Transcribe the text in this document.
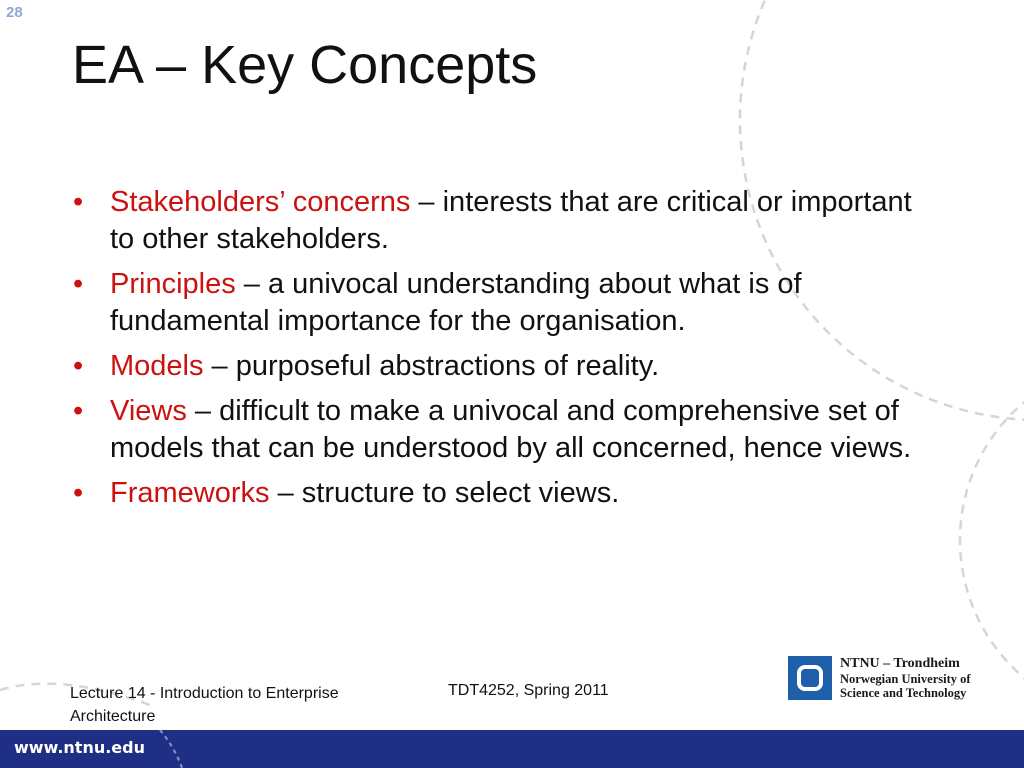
28
EA – Key Concepts
• Stakeholders’ concerns – interests that are critical or important to other stakeholders.
• Principles – a univocal understanding about what is of fundamental importance for the organisation.
• Models – purposeful abstractions of reality.
• Views – difficult to make a univocal and comprehensive set of models that can be understood by all concerned, hence views.
• Frameworks – structure to select views.
Lecture 14 - Introduction to Enterprise Architecture
TDT4252, Spring 2011
NTNU – Trondheim
Norwegian University of
Science and Technology
www.ntnu.edu
